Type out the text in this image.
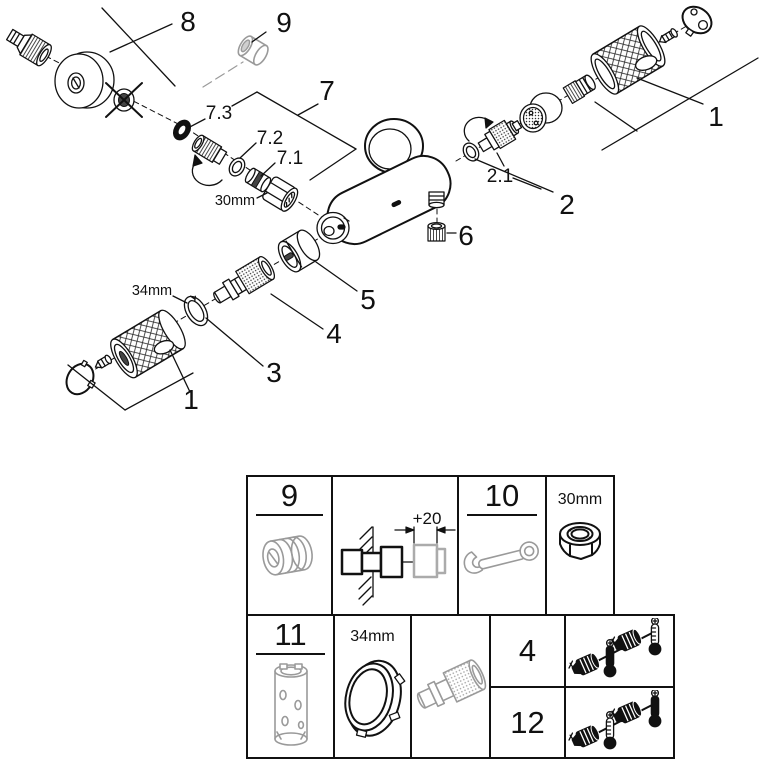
8	9
7
7.3
7.2
7.1
30mm
2.1
2
1
6
5
4
3
34mm
1
9
+20
10 30mm
11	34mm	4
12
